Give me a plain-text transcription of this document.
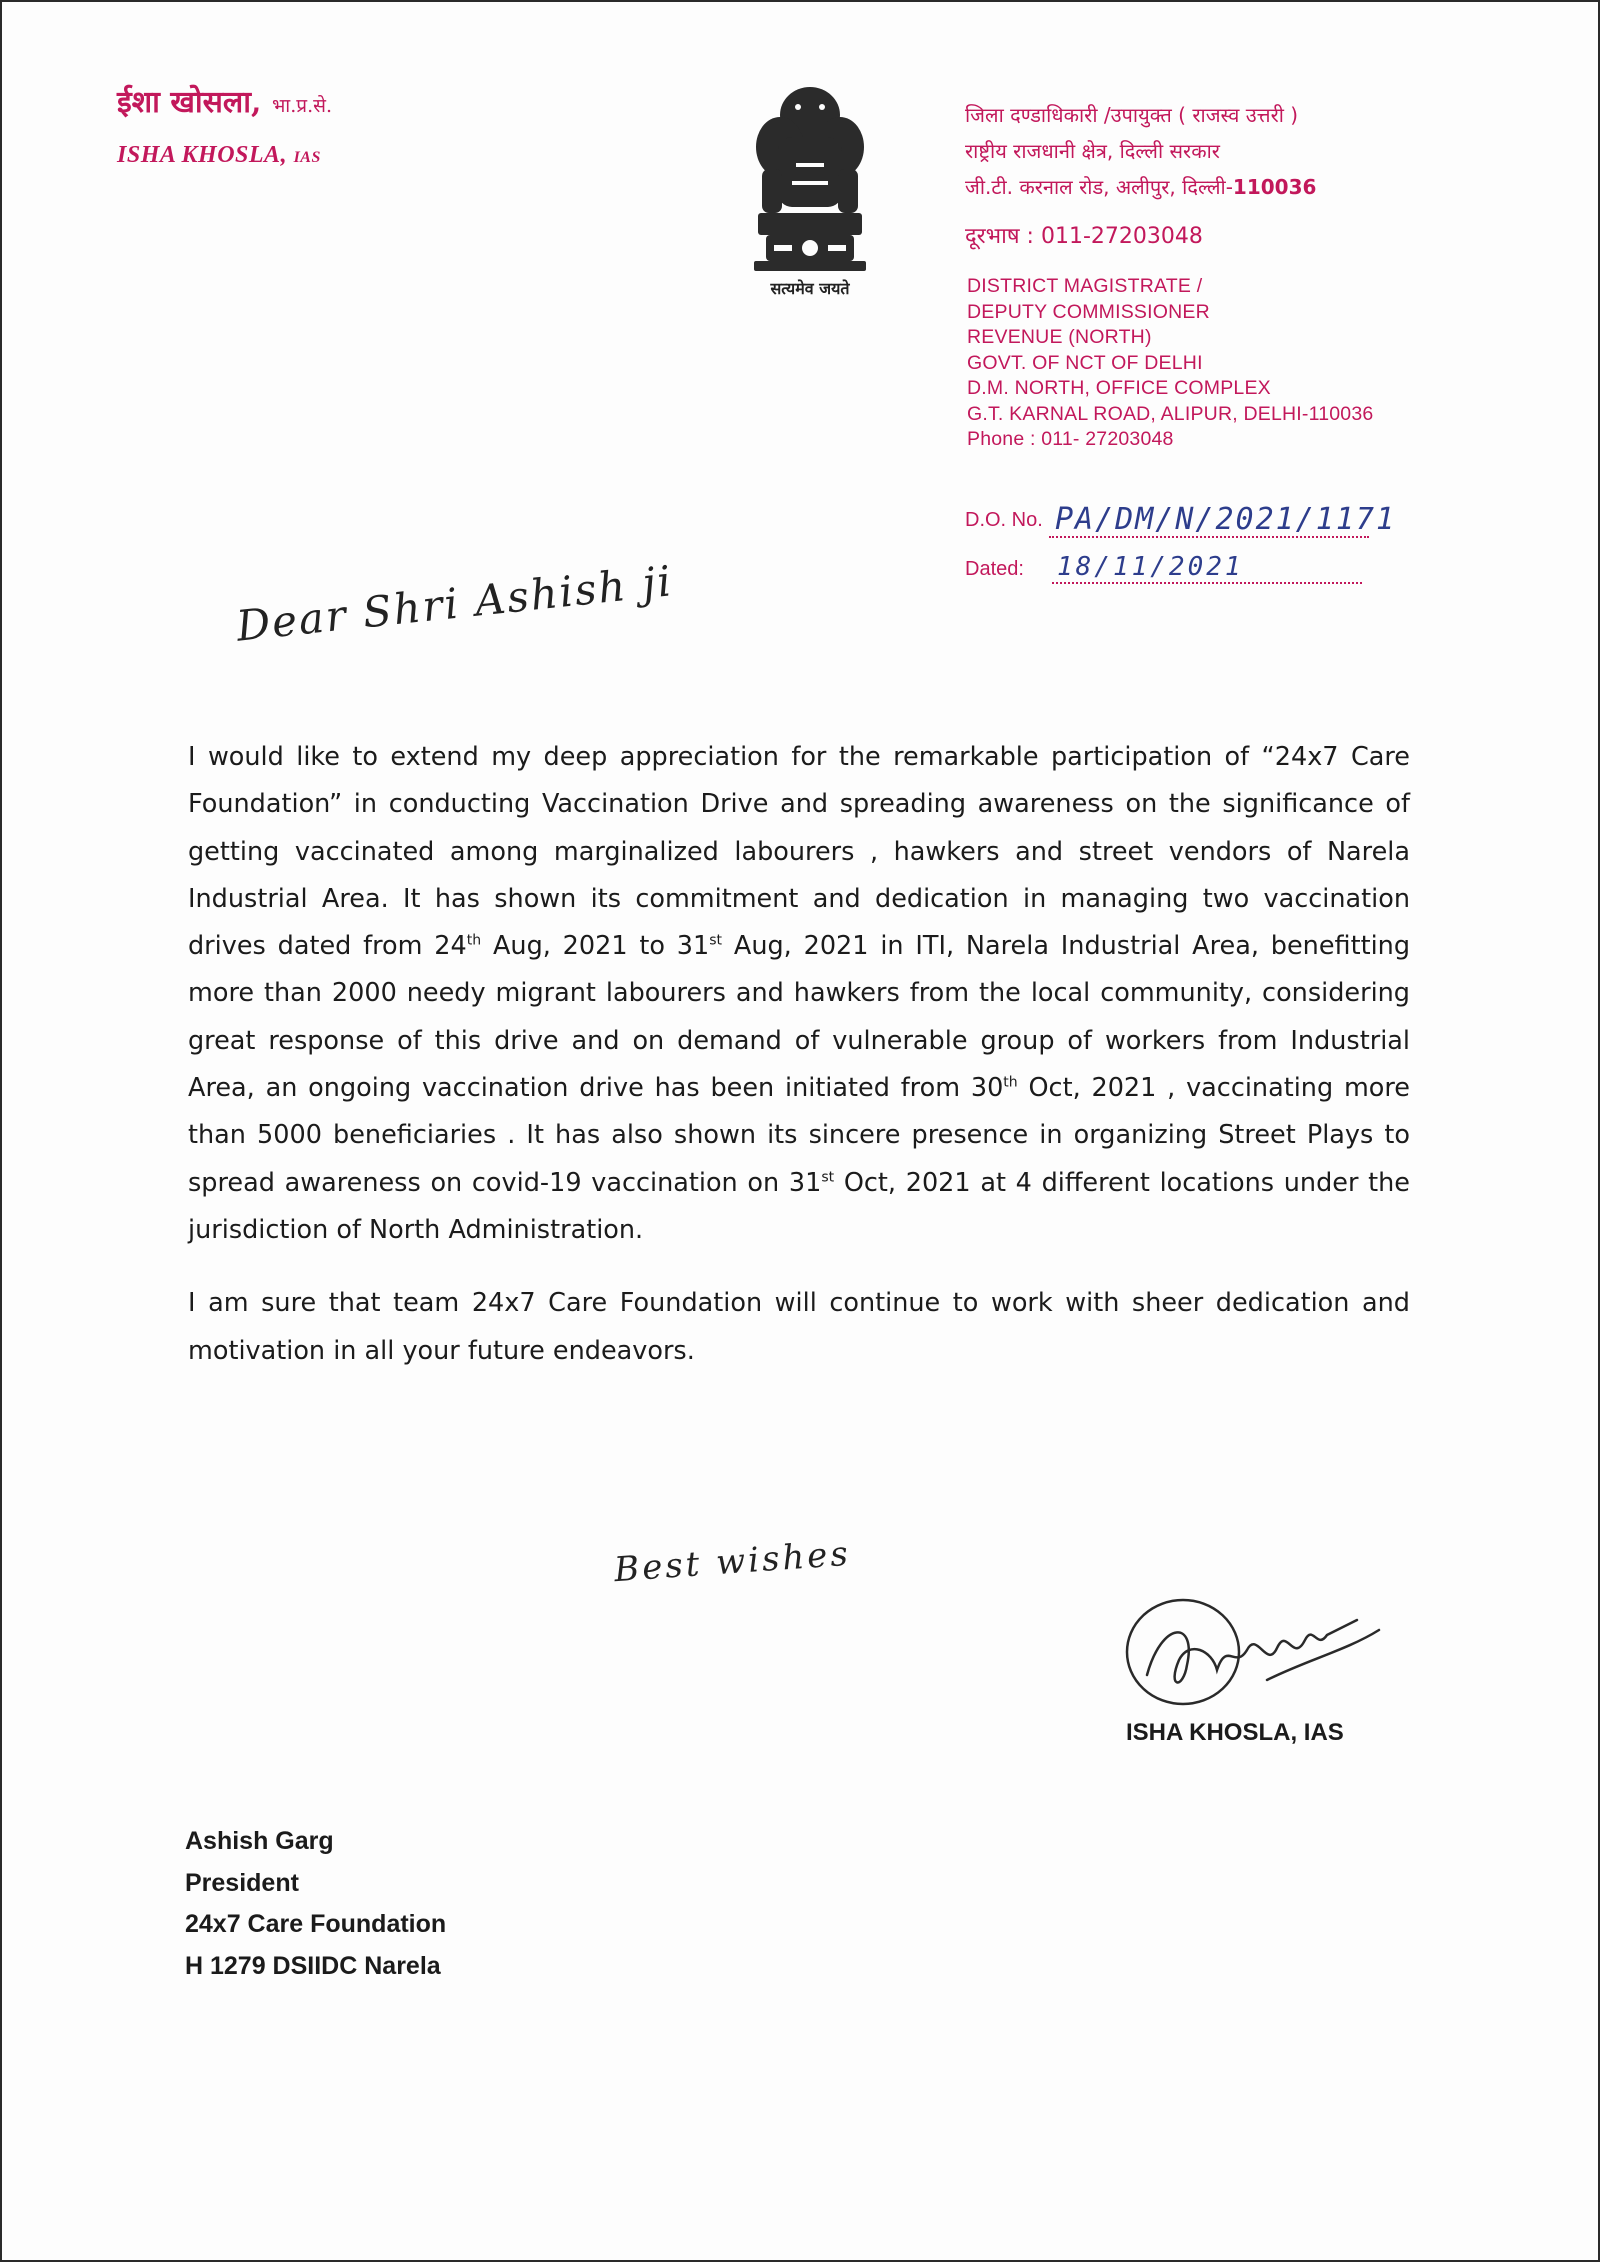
ईशा खोसला, भा.प्र.से.
ISHA KHOSLA, IAS
सत्यमेव जयते
जिला दण्डाधिकारी /उपायुक्त ( राजस्व उत्तरी )
राष्ट्रीय राजधानी क्षेत्र, दिल्ली सरकार
जी.टी. करनाल रोड, अलीपुर, दिल्ली-110036
दूरभाष : 011-27203048
DISTRICT MAGISTRATE /
DEPUTY COMMISSIONER
REVENUE (NORTH)
GOVT. OF NCT OF DELHI
D.M. NORTH, OFFICE COMPLEX
G.T. KARNAL ROAD, ALIPUR, DELHI-110036
Phone : 011- 27203048
D.O. No. PA/DM/N/2021/1171
Dated: 18/11/2021
Dear Shri Ashish ji

I would like to extend my deep appreciation for the remarkable participation of “24x7 Care Foundation” in conducting Vaccination Drive and spreading awareness on the significance of getting vaccinated among marginalized labourers , hawkers and street vendors of Narela Industrial Area. It has shown its commitment and dedication in managing two vaccination drives dated from 24th Aug, 2021 to 31st Aug, 2021 in ITI, Narela Industrial Area, benefitting more than 2000 needy migrant labourers and hawkers from the local community, considering great response of this drive and on demand of vulnerable group of workers from Industrial Area, an ongoing vaccination drive has been initiated from 30th Oct, 2021 , vaccinating more than 5000 beneficiaries . It has also shown its sincere presence in organizing Street Plays to spread awareness on covid-19 vaccination on 31st Oct, 2021 at 4 different locations under the jurisdiction of North Administration.

I am sure that team 24x7 Care Foundation will continue to work with sheer dedication and motivation in all your future endeavors.

Best wishes
ISHA KHOSLA, IAS
Ashish Garg
President
24x7 Care Foundation
H 1279 DSIIDC Narela
